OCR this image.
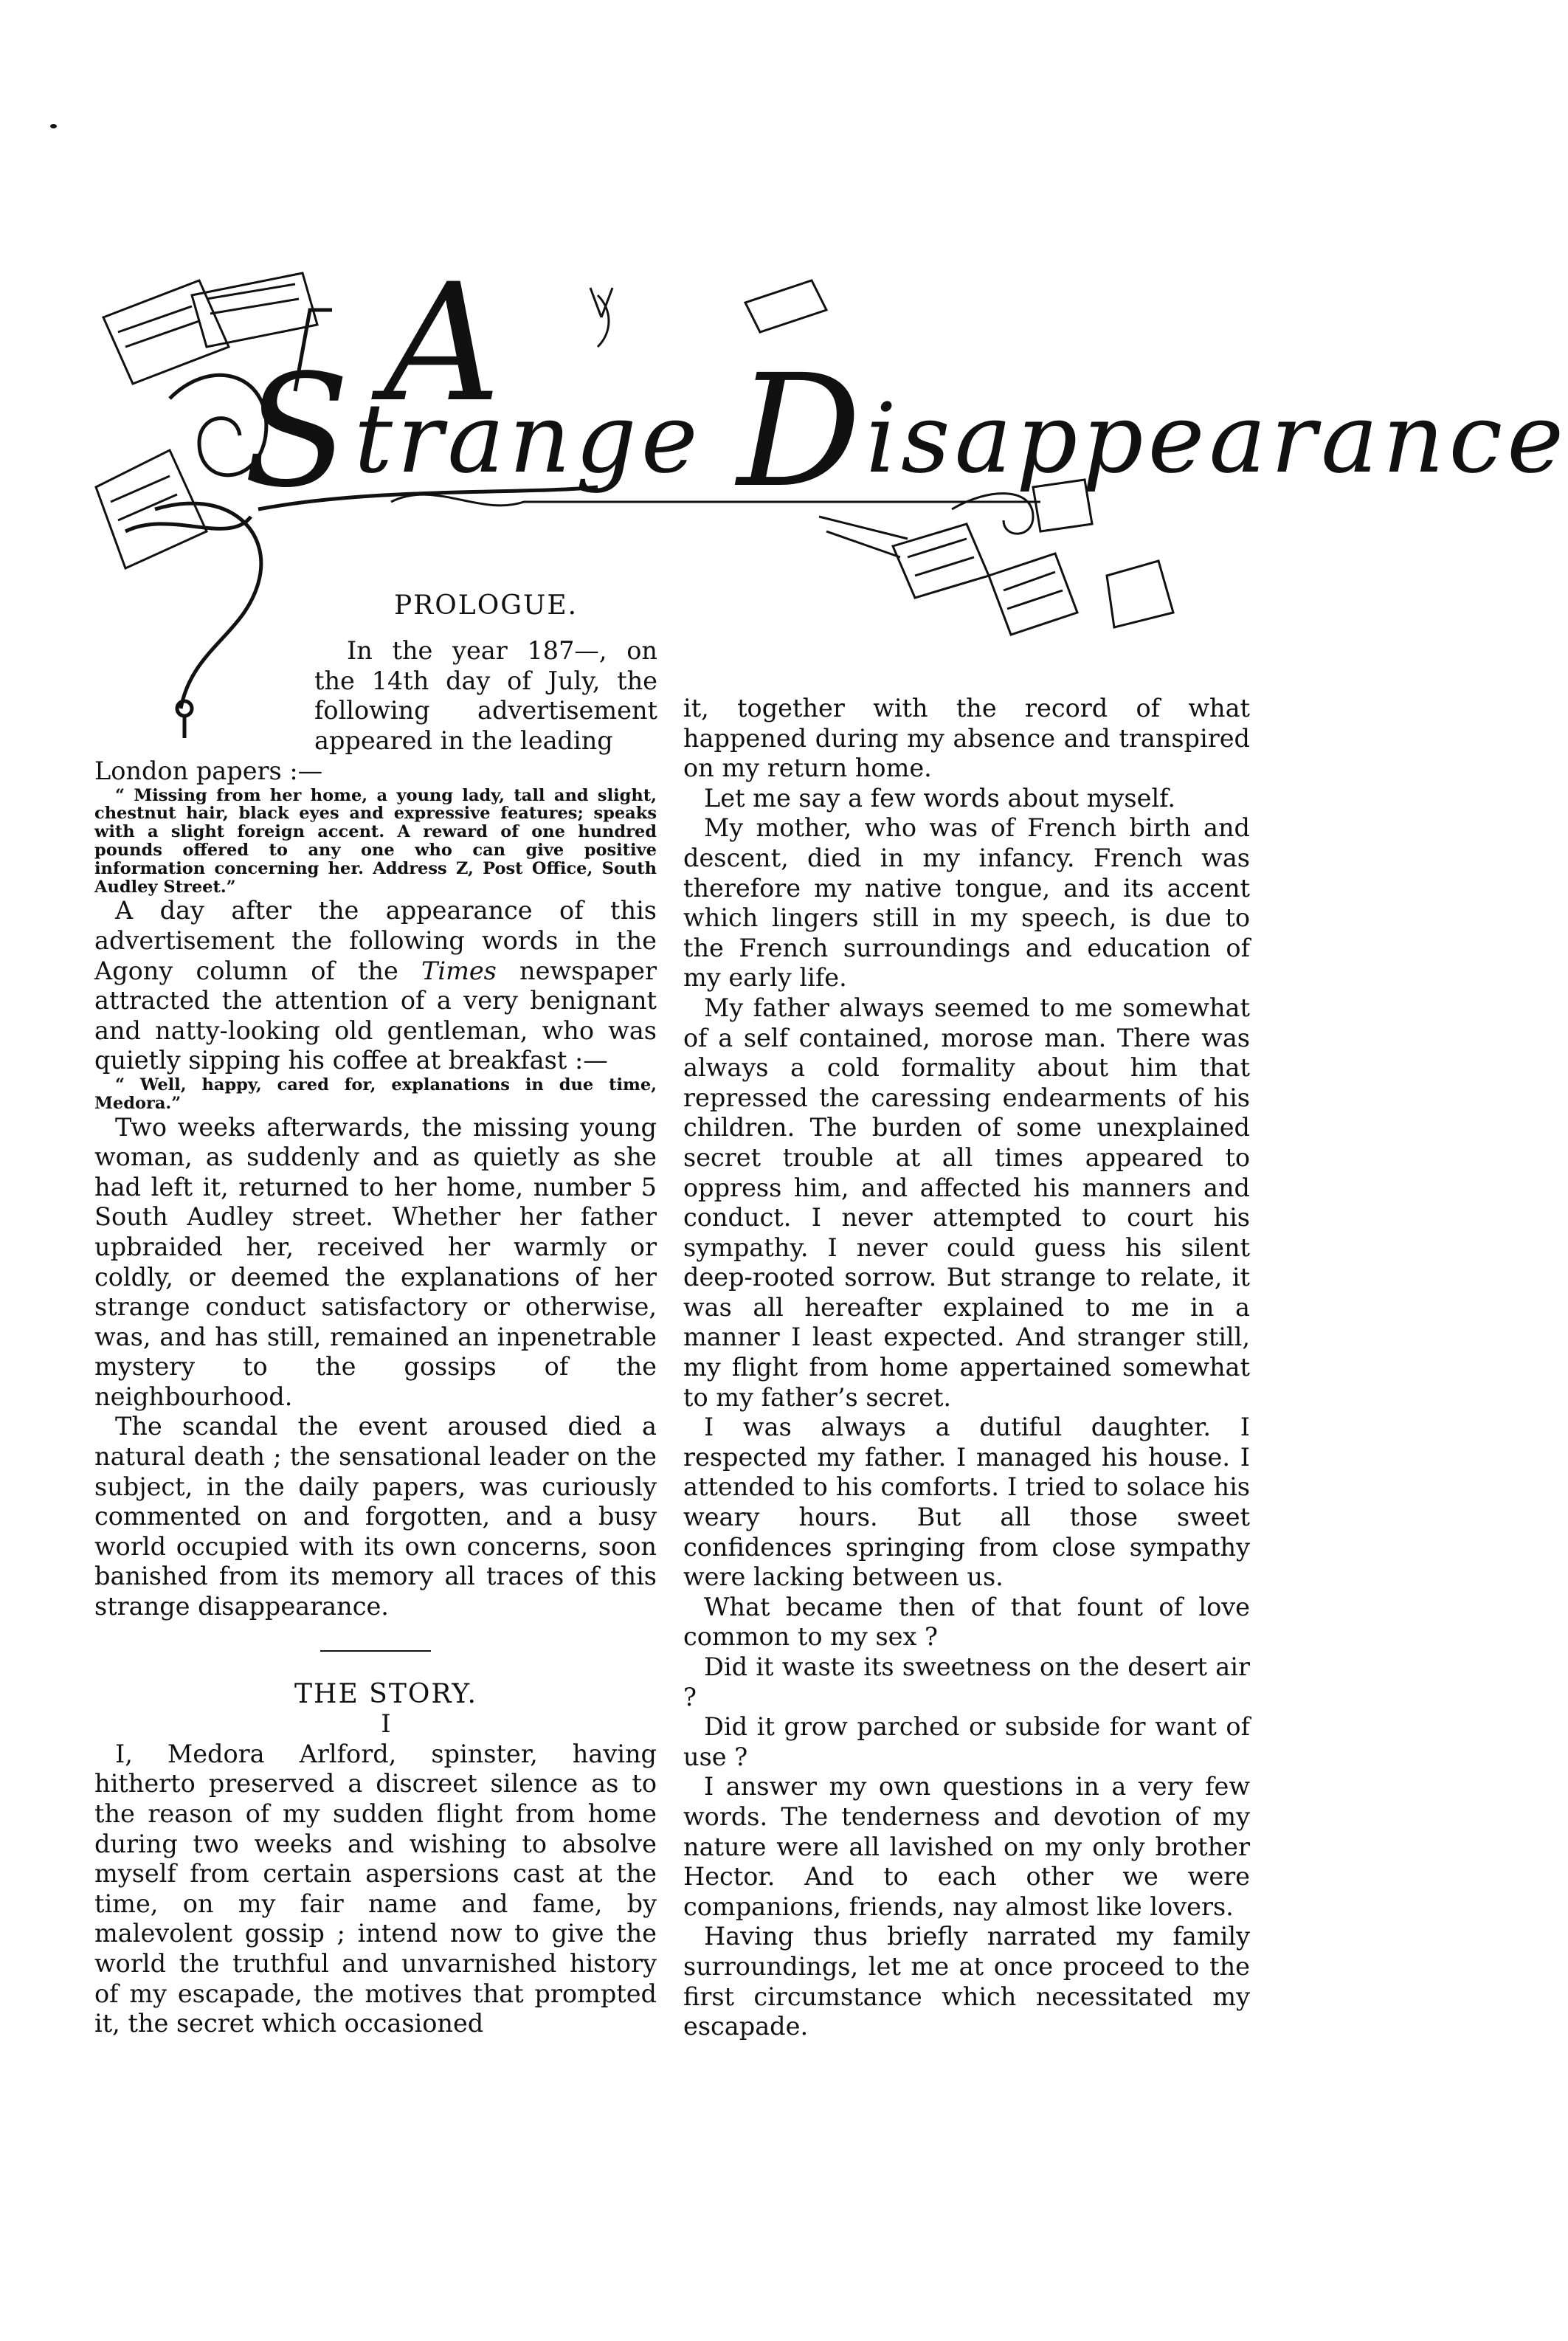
A
Strange Disappearance
PROLOGUE.

In the year 187—, on the 14th day of July, the following advertisement appeared in the leading

London papers :—

“ Missing from her home, a young lady, tall and slight, chestnut hair, black eyes and expressive features; speaks with a slight foreign accent. A reward of one hundred pounds offered to any one who can give positive information concerning her. Address Z, Post Office, South Audley Street.”

A day after the appearance of this advertisement the following words in the Agony column of the Times newspaper attracted the attention of a very benignant and natty-looking old gentleman, who was quietly sipping his coffee at breakfast :—

“ Well, happy, cared for, explanations in due time, Medora.”

Two weeks afterwards, the missing young woman, as suddenly and as quietly as she had left it, returned to her home, number 5 South Audley street. Whether her father upbraided her, received her warmly or coldly, or deemed the explanations of her strange conduct satisfactory or otherwise, was, and has still, remained an inpenetrable mystery to the gossips of the neighbourhood.

The scandal the event aroused died a natural death ; the sensational leader on the subject, in the daily papers, was curiously commented on and forgotten, and a busy world occupied with its own concerns, soon banished from its memory all traces of this strange disappearance.

THE STORY.

I

I, Medora Arlford, spinster, having hitherto preserved a discreet silence as to the reason of my sudden flight from home during two weeks and wishing to absolve myself from certain aspersions cast at the time, on my fair name and fame, by malevolent gossip ; intend now to give the world the truthful and unvarnished history of my escapade, the motives that prompted it, the secret which occasioned

it, together with the record of what happened during my absence and transpired on my return home.

Let me say a few words about myself.

My mother, who was of French birth and descent, died in my infancy. French was therefore my native tongue, and its accent which lingers still in my speech, is due to the French surroundings and education of my early life.

My father always seemed to me somewhat of a self contained, morose man. There was always a cold formality about him that repressed the caressing endearments of his children. The burden of some unexplained secret trouble at all times appeared to oppress him, and affected his manners and conduct. I never attempted to court his sympathy. I never could guess his silent deep-rooted sorrow. But strange to relate, it was all hereafter explained to me in a manner I least expected. And stranger still, my flight from home appertained somewhat to my father’s secret.

I was always a dutiful daughter. I respected my father. I managed his house. I attended to his comforts. I tried to solace his weary hours. But all those sweet confidences springing from close sympathy were lacking between us.

What became then of that fount of love common to my sex ?

Did it waste its sweetness on the desert air ?

Did it grow parched or subside for want of use ?

I answer my own questions in a very few words. The tenderness and devotion of my nature were all lavished on my only brother Hector. And to each other we were companions, friends, nay almost like lovers.

Having thus briefly narrated my family surroundings, let me at once proceed to the first circumstance which necessitated my escapade.
